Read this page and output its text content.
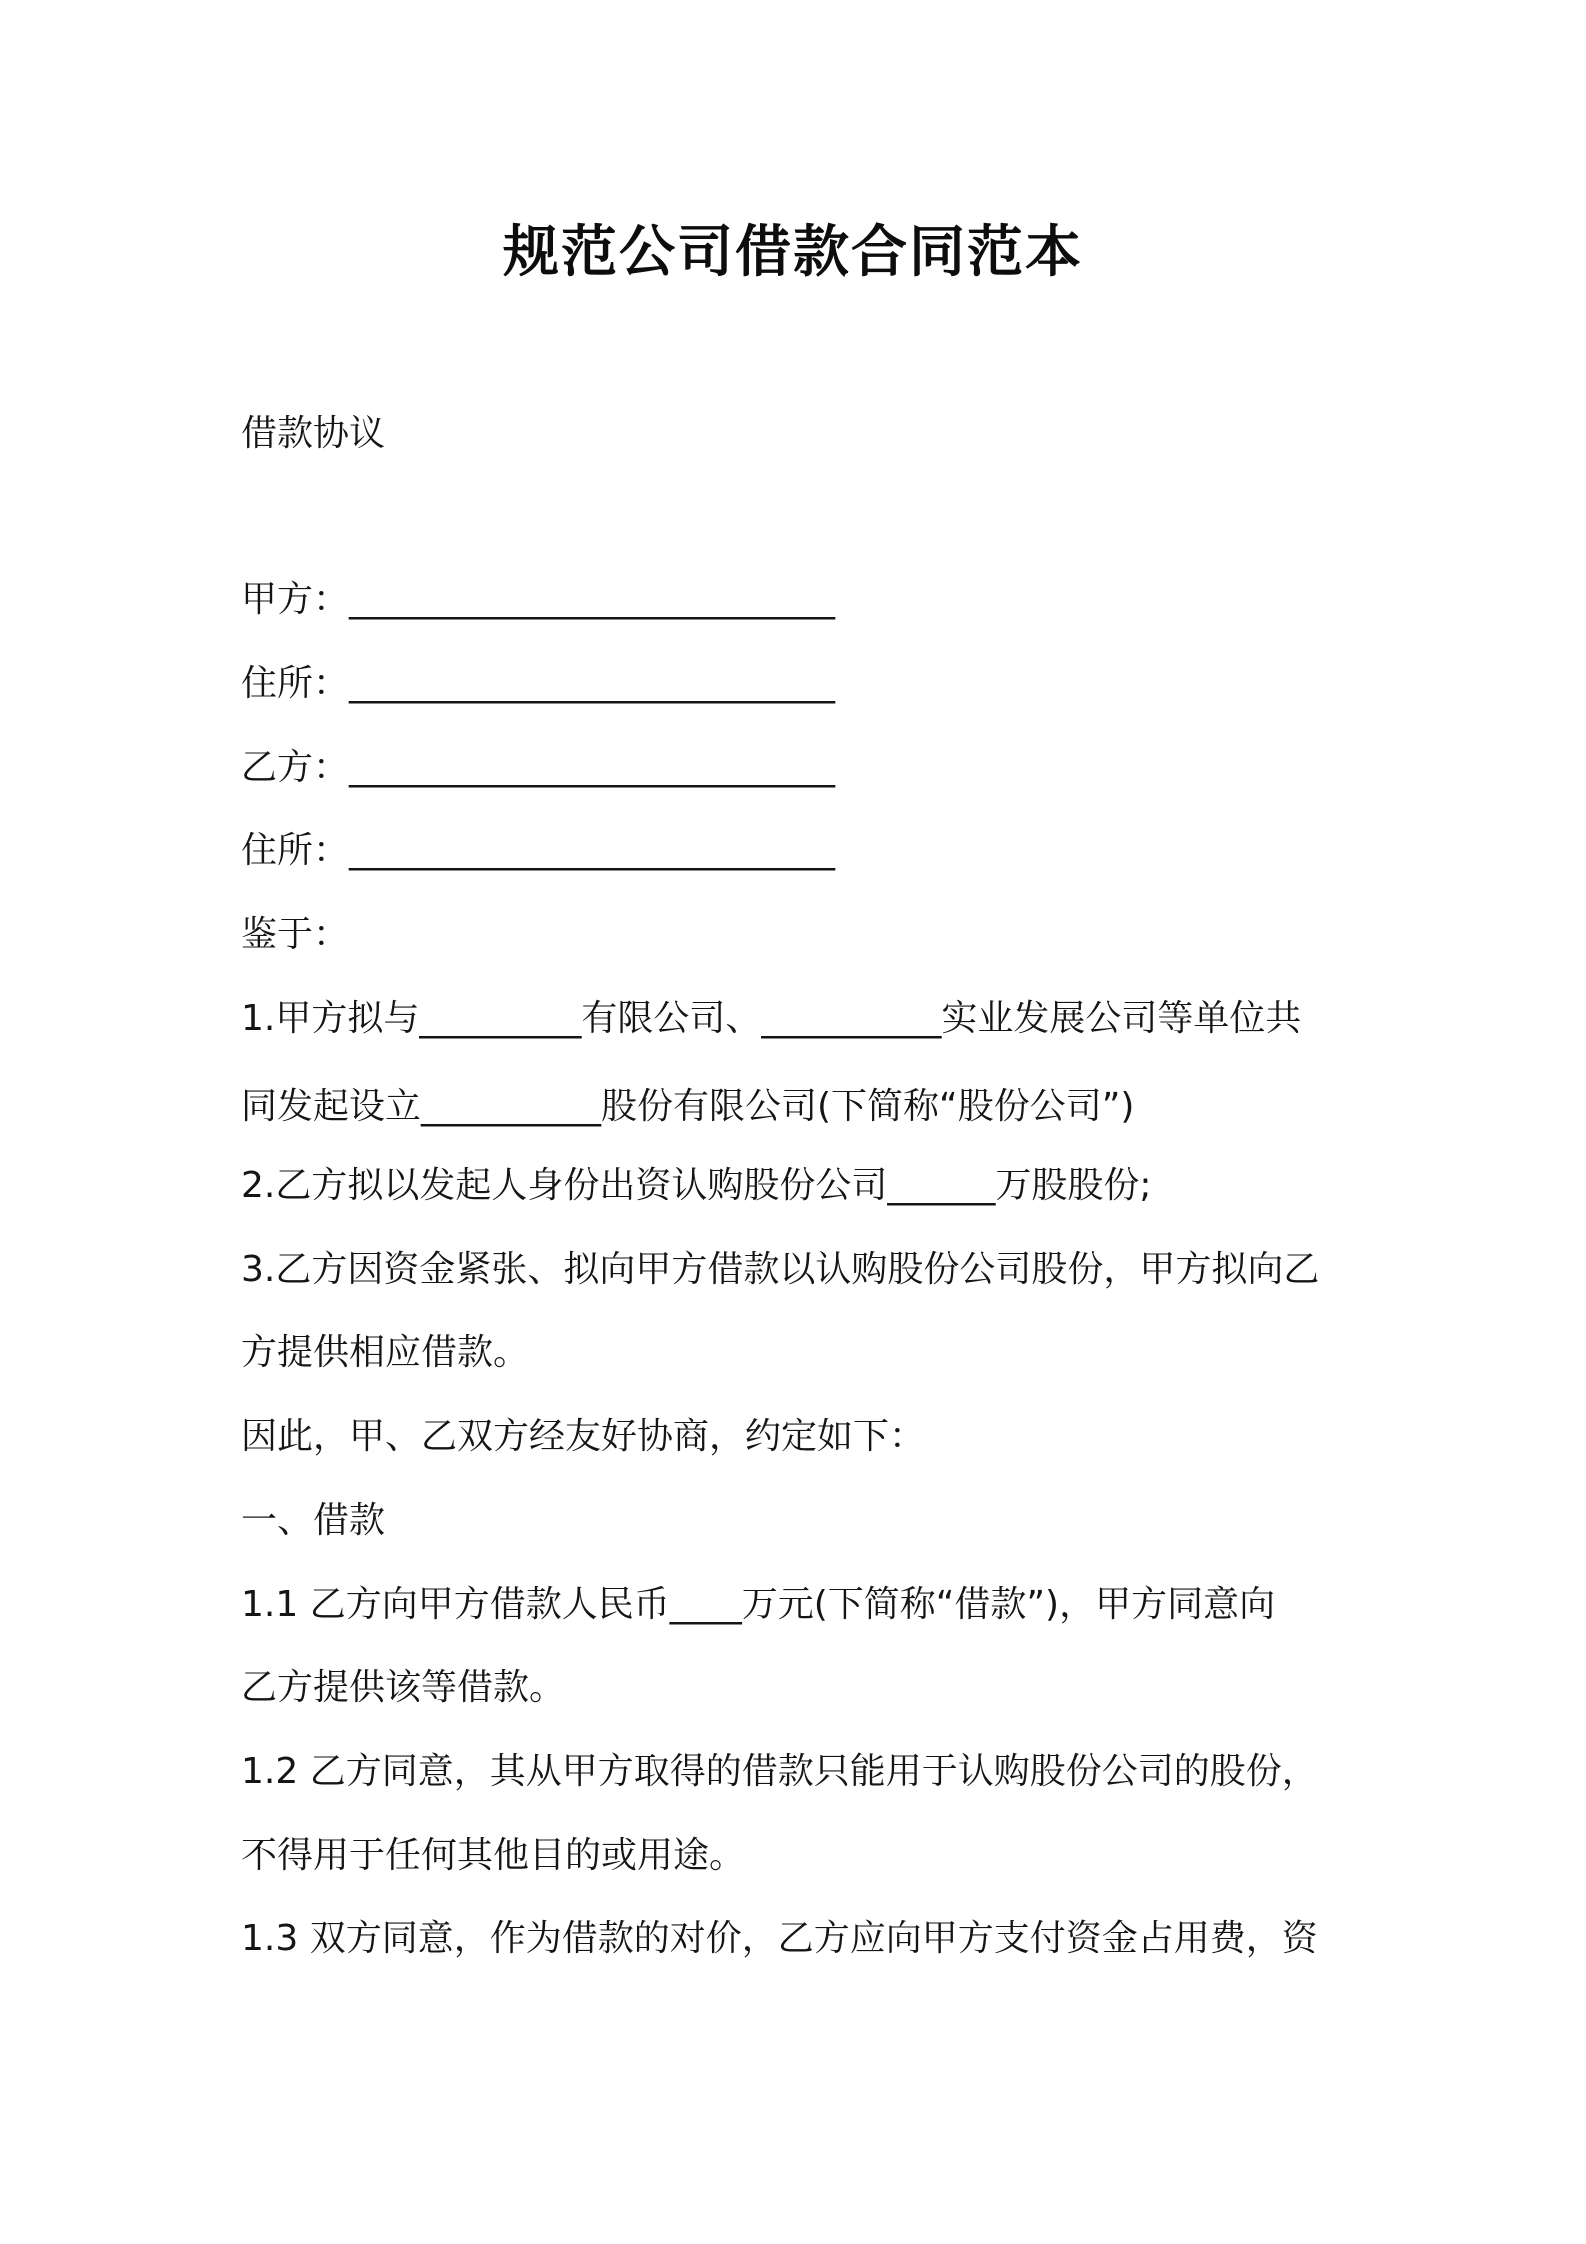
规范公司借款合同范本
借款协议
甲方：___________________________
住所：___________________________
乙方：___________________________
住所：___________________________
鉴于：
1.甲方拟与_________有限公司、__________实业发展公司等单位共
同发起设立__________股份有限公司(下简称“股份公司”)
2.乙方拟以发起人身份出资认购股份公司______万股股份;
3.乙方因资金紧张、拟向甲方借款以认购股份公司股份，甲方拟向乙
方提供相应借款。
因此，甲、乙双方经友好协商，约定如下：
一、借款
1.1 乙方向甲方借款人民币____万元(下简称“借款”)，甲方同意向
乙方提供该等借款。
1.2 乙方同意，其从甲方取得的借款只能用于认购股份公司的股份，
不得用于任何其他目的或用途。
1.3 双方同意，作为借款的对价，乙方应向甲方支付资金占用费，资
